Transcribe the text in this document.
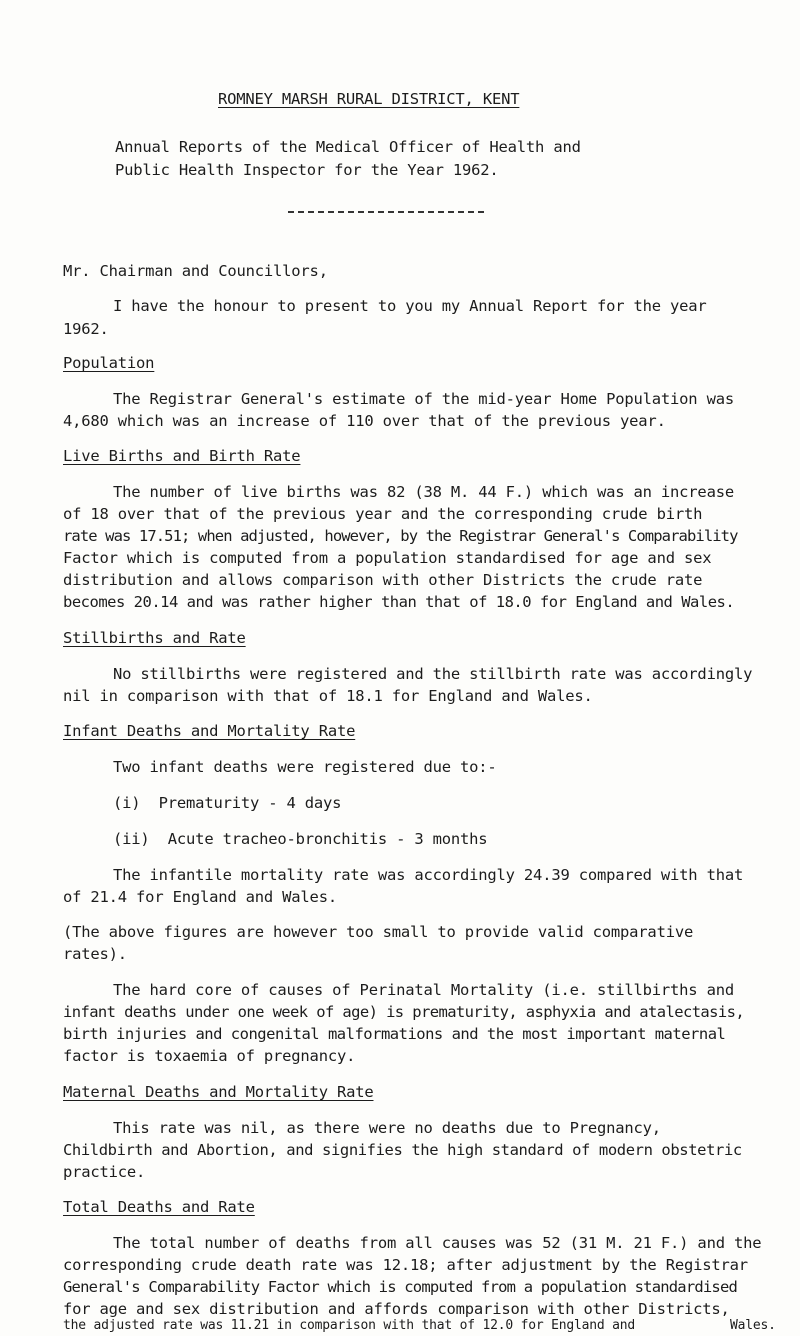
ROMNEY MARSH RURAL DISTRICT, KENT
Annual Reports of the Medical Officer of Health and
Public Health Inspector for the Year 1962.
Mr. Chairman and Councillors,
I have the honour to present to you my Annual Report for the year
1962.
Population
The Registrar General's estimate of the mid-year Home Population was
4,680 which was an increase of 110 over that of the previous year.
Live Births and Birth Rate
The number of live births was 82 (38 M. 44 F.) which was an increase
of 18 over that of the previous year and the corresponding crude birth
rate was 17.51; when adjusted, however, by the Registrar General's Comparability
Factor which is computed from a population standardised for age and sex
distribution and allows comparison with other Districts the crude rate
becomes 20.14 and was rather higher than that of 18.0 for England and Wales.
Stillbirths and Rate
No stillbirths were registered and the stillbirth rate was accordingly
nil in comparison with that of 18.1 for England and Wales.
Infant Deaths and Mortality Rate
Two infant deaths were registered due to:-
(i)  Prematurity - 4 days
(ii)  Acute tracheo-bronchitis - 3 months
The infantile mortality rate was accordingly 24.39 compared with that
of 21.4 for England and Wales.
(The above figures are however too small to provide valid comparative
rates).
The hard core of causes of Perinatal Mortality (i.e. stillbirths and
infant deaths under one week of age) is prematurity, asphyxia and atalectasis,
birth injuries and congenital malformations and the most important maternal
factor is toxaemia of pregnancy.
Maternal Deaths and Mortality Rate
This rate was nil, as there were no deaths due to Pregnancy,
Childbirth and Abortion, and signifies the high standard of modern obstetric
practice.
Total Deaths and Rate
The total number of deaths from all causes was 52 (31 M. 21 F.) and the
corresponding crude death rate was 12.18; after adjustment by the Registrar
General's Comparability Factor which is computed from a population standardised
for age and sex distribution and affords comparison with other Districts,
the adjusted rate was 11.21 in comparison with that of 12.0 for England and	Wales.
